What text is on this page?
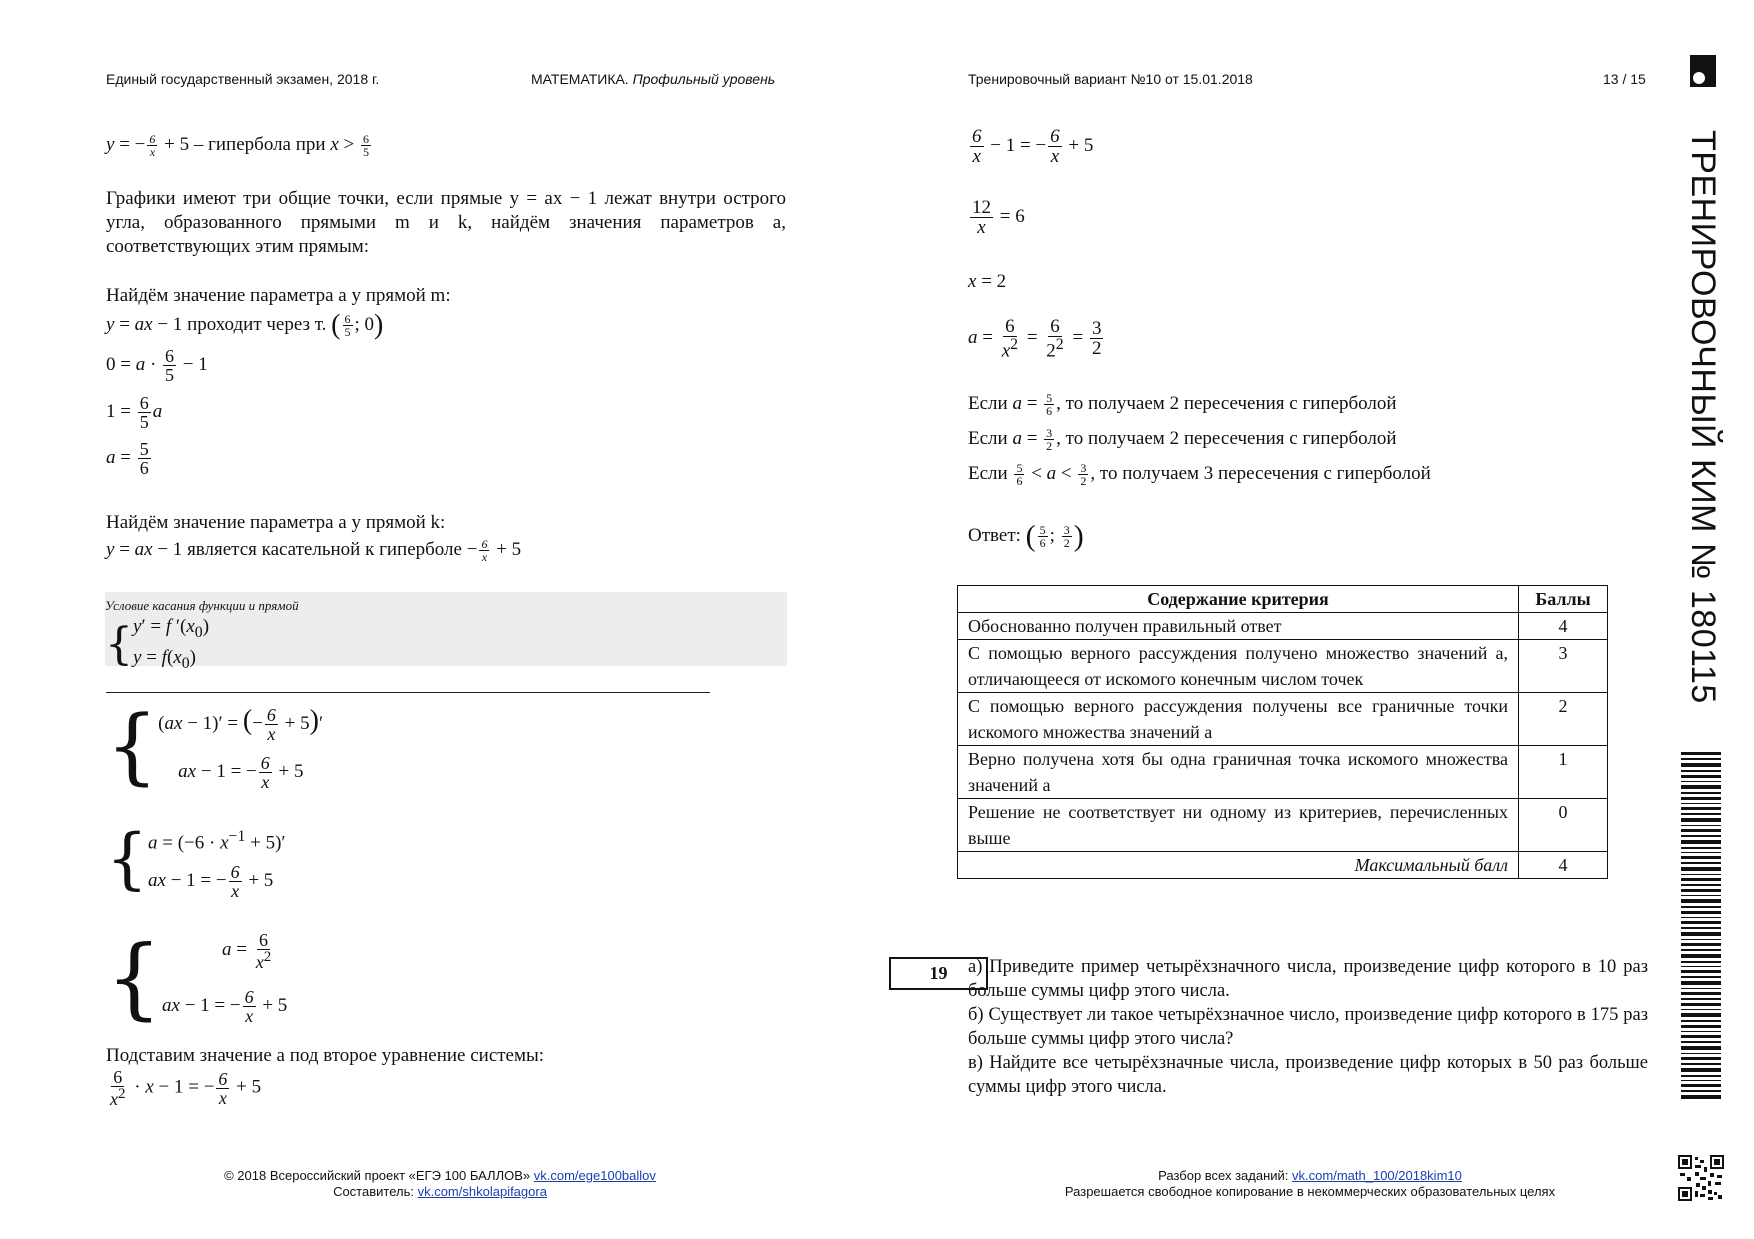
Единый государственный экзамен, 2018 г.	МАТЕМАТИКА. Профильный уровень	Тренировочный вариант №10 от 15.01.2018	13 / 15
ТРЕНИРОВОЧНЫЙ КИМ № 180115
y = − $\frac{6}{x} + 5$ – гипербола при $x > \frac{6}{5}$
Графики имеют три общие точки, если прямые y = ax − 1 лежат внутри острого угла, образованного прямыми m и k, найдём значения параметров a, соответствующих этим прямым:
Найдём значение параметра a у прямой m:
y = ax − 1 проходит через т. ( $\frac{6}{5}$ ; 0)
$0 = a \cdot \frac{6}{5} - 1$
$1 = \frac{6}{5}$ a
$a = \frac{5}{6}$
Найдём значение параметра a у прямой k:
y = ax − 1 является касательной к гиперболе − $\frac{6}{x} + 5$
Условие касания функции и прямой
{ y′ = f $'(x_0)$
$y = f(x_0)$
{ (ax − 1)′ = (− $\frac{6}{x} + 5)'$
ax − 1 = − $\frac{6}{x} + 5$
{ $a = (-6 \cdot x^{-1} + 5)'$
ax − 1 = − $\frac{6}{x} + 5$
{	$a = \frac{6}{x^2}$
ax − 1 = − $\frac{6}{x} + 5$
Подставим значение a под второе уравнение системы:
$\frac{6}{x^2} \cdot x - 1$ = − $\frac{6}{x} + 5$
$\frac{6}{x} - 1$ = − $\frac{6}{x} + 5$
$\frac{12}{x} = 6$
x = 2
$a = \frac{6}{x^2} = \frac{6}{2^2} = \frac{3}{2}$
Если $a = \frac{5}{6}$ , то получаем 2 пересечения с гиперболой
Если $a = \frac{3}{2}$ , то получаем 2 пересечения с гиперболой
Если $\frac{5}{6} < a < \frac{3}{2}$ , то получаем 3 пересечения с гиперболой
Ответ: ( $\frac{5}{6}$ ; $\frac{3}{2}$ )
Содержание критерия	Баллы
Обоснованно получен правильный ответ	4
С помощью верного рассуждения получено множество значений a, отличающееся от искомого конечным числом точек	3
С помощью верного рассуждения получены все граничные точки искомого множества значений a	2
Верно получена хотя бы одна граничная точка искомого множества значений a	1
Решение не соответствует ни одному из критериев, перечисленных выше	0
Максимальный балл	4
19	а) Приведите пример четырёхзначного числа, произведение цифр которого в 10 раз больше суммы цифр этого числа.
б) Существует ли такое четырёхзначное число, произведение цифр которого в 175 раз больше суммы цифр этого числа?
в) Найдите все четырёхзначные числа, произведение цифр которых в 50 раз больше суммы цифр этого числа.
© 2018 Всероссийский проект «ЕГЭ 100 БАЛЛОВ» vk.com/ege100ballov
Составитель: vk.com/shkolapifagora
Разбор всех заданий: vk.com/math_100/2018kim10
Разрешается свободное копирование в некоммерческих образовательных целях
